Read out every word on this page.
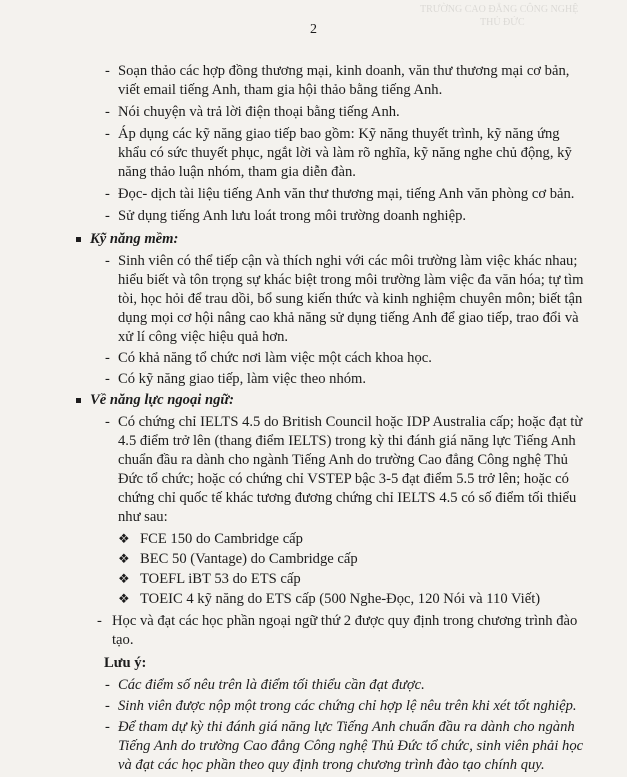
TRƯỜNG CAO ĐẲNG CÔNG NGHỆ
THỦ ĐỨC
2
- Soạn thảo các hợp đồng thương mại, kinh doanh, văn thư thương mại cơ bản,
viết email tiếng Anh, tham gia hội thảo bằng tiếng Anh.
- Nói chuyện và trả lời điện thoại bằng tiếng Anh.
- Áp dụng các kỹ năng giao tiếp bao gồm: Kỹ năng thuyết trình, kỹ năng ứng
khẩu có sức thuyết phục, ngắt lời và làm rõ nghĩa, kỹ năng nghe chủ động, kỹ
năng thảo luận nhóm, tham gia diễn đàn.
- Đọc- dịch tài liệu tiếng Anh văn thư thương mại, tiếng Anh văn phòng cơ bản.
- Sử dụng tiếng Anh lưu loát trong môi trường doanh nghiệp.
Kỹ năng mềm:
- Sinh viên có thể tiếp cận và thích nghi với các môi trường làm việc khác nhau;
hiểu biết và tôn trọng sự khác biệt trong môi trường làm việc đa văn hóa; tự tìm
tòi, học hỏi để trau dồi, bổ sung kiến thức và kinh nghiệm chuyên môn; biết tận
dụng mọi cơ hội nâng cao khả năng sử dụng tiếng Anh để giao tiếp, trao đổi và
xử lí công việc hiệu quả hơn.
- Có khả năng tổ chức nơi làm việc một cách khoa học.
- Có kỹ năng giao tiếp, làm việc theo nhóm.
Về năng lực ngoại ngữ:
- Có chứng chỉ IELTS 4.5 do British Council hoặc IDP Australia cấp; hoặc đạt từ
4.5 điểm trở lên (thang điểm IELTS) trong kỳ thi đánh giá năng lực Tiếng Anh
chuẩn đầu ra dành cho ngành Tiếng Anh do trường Cao đẳng Công nghệ Thủ
Đức tổ chức; hoặc có chứng chỉ VSTEP bậc 3-5 đạt điểm 5.5 trở lên; hoặc có
chứng chỉ quốc tế khác tương đương chứng chỉ IELTS 4.5 có số điểm tối thiểu
như sau:
❖ FCE 150 do Cambridge cấp
❖ BEC 50 (Vantage) do Cambridge cấp
❖ TOEFL iBT 53 do ETS cấp
❖ TOEIC 4 kỹ năng do ETS cấp (500 Nghe-Đọc, 120 Nói và 110 Viết)
- Học và đạt các học phần ngoại ngữ thứ 2 được quy định trong chương trình đào
tạo.
Lưu ý:
- Các điểm số nêu trên là điểm tối thiểu cần đạt được.
- Sinh viên được nộp một trong các chứng chỉ hợp lệ nêu trên khi xét tốt nghiệp.
- Để tham dự kỳ thi đánh giá năng lực Tiếng Anh chuẩn đầu ra dành cho ngành
Tiếng Anh do trường Cao đẳng Công nghệ Thủ Đức tổ chức, sinh viên phải học
và đạt các học phần theo quy định trong chương trình đào tạo chính quy.
